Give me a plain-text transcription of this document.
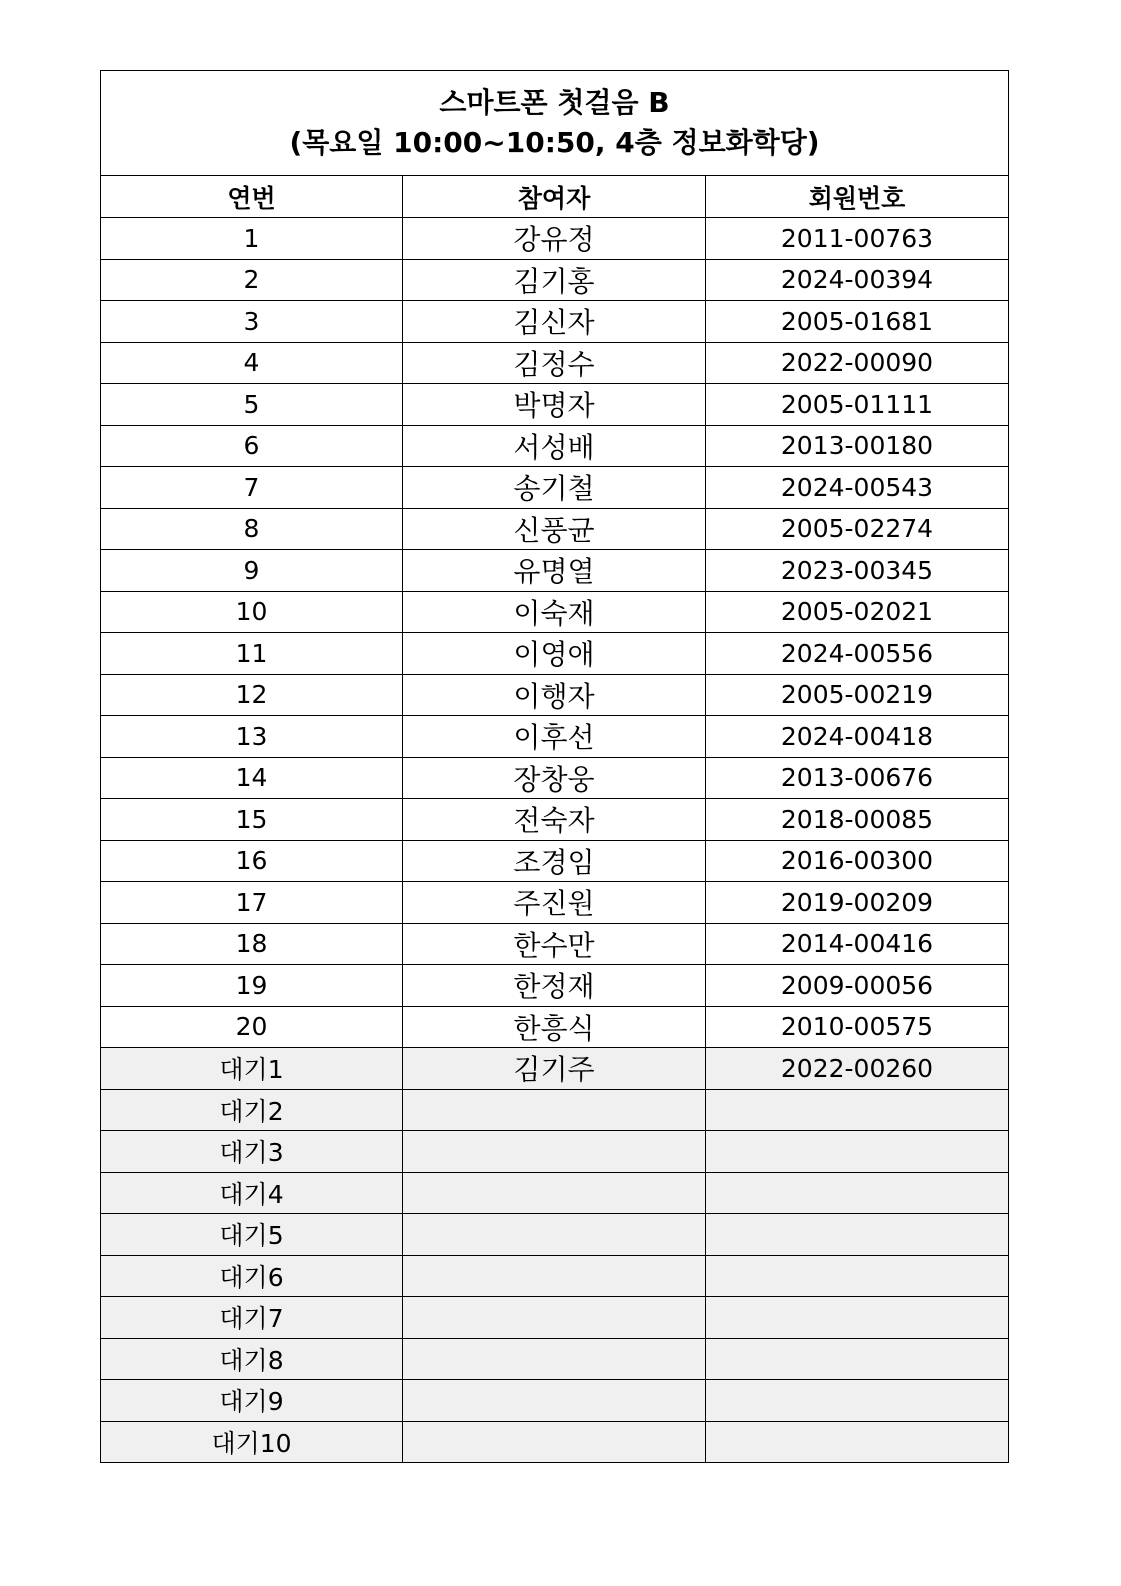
스마트폰 첫걸음 B
(목요일 10:00~10:50, 4층 정보화학당)		

연번	참여자	회원번호
1	강유정	2011-00763
2	김기홍	2024-00394
3	김신자	2005-01681
4	김정수	2022-00090
5	박명자	2005-01111
6	서성배	2013-00180
7	송기철	2024-00543
8	신풍균	2005-02274
9	유명열	2023-00345
10	이숙재	2005-02021
11	이영애	2024-00556
12	이행자	2005-00219
13	이후선	2024-00418
14	장창웅	2013-00676
15	전숙자	2018-00085
16	조경임	2016-00300
17	주진원	2019-00209
18	한수만	2014-00416
19	한정재	2009-00056
20	한흥식	2010-00575
대기1	김기주	2022-00260
대기2		
대기3		
대기4		
대기5		
대기6		
대기7		
대기8		
대기9		
대기10		
